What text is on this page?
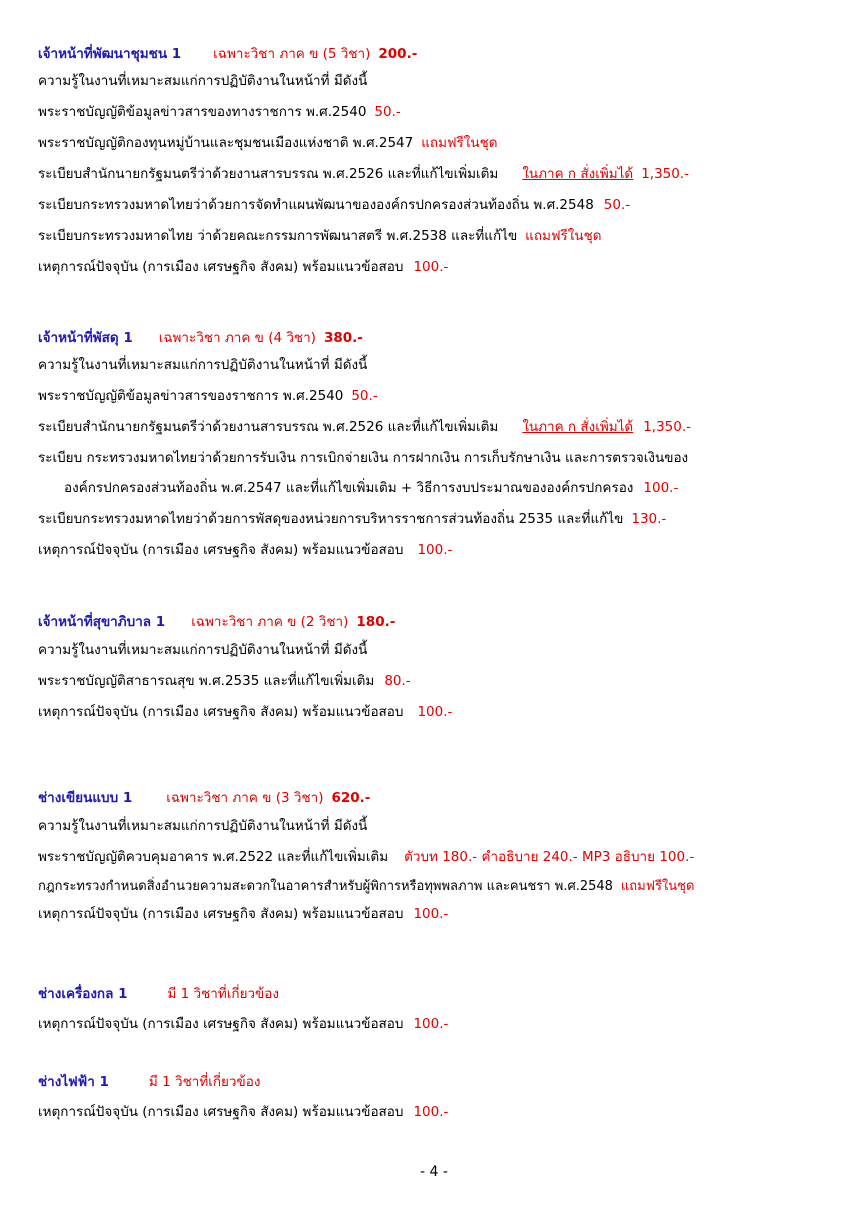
เจ้าหน้าที่พัฒนาชุมชน 1 เฉพาะวิชา ภาค ข (5 วิชา) 200.-
ความรู้ในงานที่เหมาะสมแก่การปฏิบัติงานในหน้าที่ มีดังนี้
พระราชบัญญัติข้อมูลข่าวสารของทางราชการ พ.ศ.2540 50.-
พระราชบัญญัติกองทุนหมู่บ้านและชุมชนเมืองแห่งชาติ พ.ศ.2547 แถมฟรีในชุด
ระเบียบสำนักนายกรัฐมนตรีว่าด้วยงานสารบรรณ พ.ศ.2526 และที่แก้ไขเพิ่มเติม ในภาค ก สั่งเพิ่มได้ 1,350.-
ระเบียบกระทรวงมหาดไทยว่าด้วยการจัดทำแผนพัฒนาขององค์กรปกครองส่วนท้องถิ่น พ.ศ.2548 50.-
ระเบียบกระทรวงมหาดไทย ว่าด้วยคณะกรรมการพัฒนาสตรี พ.ศ.2538 และที่แก้ไข แถมฟรีในชุด
เหตุการณ์ปัจจุบัน (การเมือง เศรษฐกิจ สังคม) พร้อมแนวข้อสอบ 100.-
เจ้าหน้าที่พัสดุ 1 เฉพาะวิชา ภาค ข (4 วิชา) 380.-
ความรู้ในงานที่เหมาะสมแก่การปฏิบัติงานในหน้าที่ มีดังนี้
พระราชบัญญัติข้อมูลข่าวสารของราชการ พ.ศ.2540 50.-
ระเบียบสำนักนายกรัฐมนตรีว่าด้วยงานสารบรรณ พ.ศ.2526 และที่แก้ไขเพิ่มเติม ในภาค ก สั่งเพิ่มได้ 1,350.-
ระเบียบ กระทรวงมหาดไทยว่าด้วยการรับเงิน การเบิกจ่ายเงิน การฝากเงิน การเก็บรักษาเงิน และการตรวจเงินของ
องค์กรปกครองส่วนท้องถิ่น พ.ศ.2547 และที่แก้ไขเพิ่มเติม + วิธีการงบประมาณขององค์กรปกครอง 100.-
ระเบียบกระทรวงมหาดไทยว่าด้วยการพัสดุของหน่วยการบริหารราชการส่วนท้องถิ่น 2535 และที่แก้ไข 130.-
เหตุการณ์ปัจจุบัน (การเมือง เศรษฐกิจ สังคม) พร้อมแนวข้อสอบ 100.-
เจ้าหน้าที่สุขาภิบาล 1 เฉพาะวิชา ภาค ข (2 วิชา) 180.-
ความรู้ในงานที่เหมาะสมแก่การปฏิบัติงานในหน้าที่ มีดังนี้
พระราชบัญญัติสาธารณสุข พ.ศ.2535 และที่แก้ไขเพิ่มเติม 80.-
เหตุการณ์ปัจจุบัน (การเมือง เศรษฐกิจ สังคม) พร้อมแนวข้อสอบ 100.-
ช่างเขียนแบบ 1	เฉพาะวิชา ภาค ข (3 วิชา) 620.-
ความรู้ในงานที่เหมาะสมแก่การปฏิบัติงานในหน้าที่ มีดังนี้
พระราชบัญญัติควบคุมอาคาร พ.ศ.2522 และที่แก้ไขเพิ่มเติม ตัวบท 180.- คำอธิบาย 240.- MP3 อธิบาย 100.-
กฎกระทรวงกำหนดสิ่งอำนวยความสะดวกในอาคารสำหรับผู้พิการหรือทุพพลภาพ และคนชรา พ.ศ.2548 แถมฟรีในชุด
เหตุการณ์ปัจจุบัน (การเมือง เศรษฐกิจ สังคม) พร้อมแนวข้อสอบ 100.-
ช่างเครื่องกล 1	มี 1 วิชาที่เกี่ยวข้อง
เหตุการณ์ปัจจุบัน (การเมือง เศรษฐกิจ สังคม) พร้อมแนวข้อสอบ 100.-
ช่างไฟฟ้า 1	มี 1 วิชาที่เกี่ยวข้อง
เหตุการณ์ปัจจุบัน (การเมือง เศรษฐกิจ สังคม) พร้อมแนวข้อสอบ 100.-
- 4 -
